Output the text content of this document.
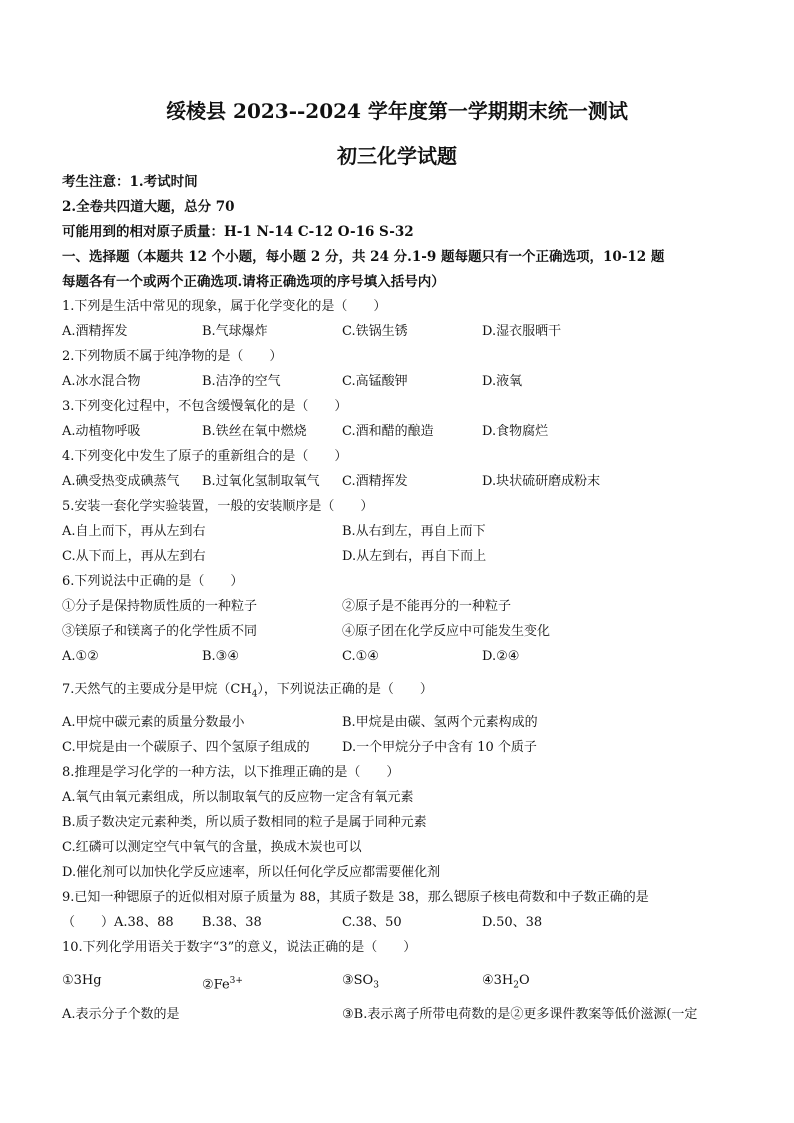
绥棱县 2023--2024 学年度第一学期期末统一测试
初三化学试题
考生注意：1.考试时间
2.全卷共四道大题，总分 70
可能用到的相对原子质量：H-1 N-14 C-12 O-16 S-32
一、选择题（本题共 12 个小题，每小题 2 分，共 24 分.1-9 题每题只有一个正确选项，10-12 题
每题各有一个或两个正确选项.请将正确选项的序号填入括号内）
1.下列是生活中常见的现象，属于化学变化的是（　　）
A.酒精挥发	B.气球爆炸	C.铁锅生锈	D.湿衣服晒干
2.下列物质不属于纯净物的是（　　）
A.冰水混合物	B.洁净的空气	C.高锰酸钾	D.液氧
3.下列变化过程中，不包含缓慢氧化的是（　　）
A.动植物呼吸	B.铁丝在氧中燃烧	C.酒和醋的酿造	D.食物腐烂
4.下列变化中发生了原子的重新组合的是（　　）
A.碘受热变成碘蒸气 B.过氧化氢制取氧气 C.酒精挥发	D.块状硫研磨成粉末
5.安装一套化学实验装置，一般的安装顺序是（　　）
A.自上而下，再从左到右	B.从右到左，再自上而下
C.从下而上，再从左到右	D.从左到右，再自下而上
6.下列说法中正确的是（　　）
①分子是保持物质性质的一种粒子	②原子是不能再分的一种粒子
③镁原子和镁离子的化学性质不同	④原子团在化学反应中可能发生变化
A.①②	B.③④	C.①④	D.②④
7.天然气的主要成分是甲烷$(CH_4)$，下列说法正确的是（　　）
A.甲烷中碳元素的质量分数最小	B.甲烷是由碳、氢两个元素构成的
C.甲烷是由一个碳原子、四个氢原子组成的 D.一个甲烷分子中含有 10 个质子
8.推理是学习化学的一种方法，以下推理正确的是（　　）
A.氧气由氧元素组成，所以制取氧气的反应物一定含有氧元素
B.质子数决定元素种类，所以质子数相同的粒子是属于同种元素
C.红磷可以测定空气中氧气的含量，换成木炭也可以
D.催化剂可以加快化学反应速率，所以任何化学反应都需要催化剂
9.已知一种锶原子的近似相对原子质量为 88，其质子数是 38，那么锶原子核电荷数和中子数正确的是
（　　）A.38、88 B.38、38	C.38、50	D.50、38
10.下列化学用语关于数字“3”的意义，说法正确的是（　　）
①3Hg	$②Fe^{3+}$	$③SO_3$	$④3H_2O$
A.表示分子个数的是	③B.表示离子所带电荷数的是②更多课件教案等低价滋源(一定
